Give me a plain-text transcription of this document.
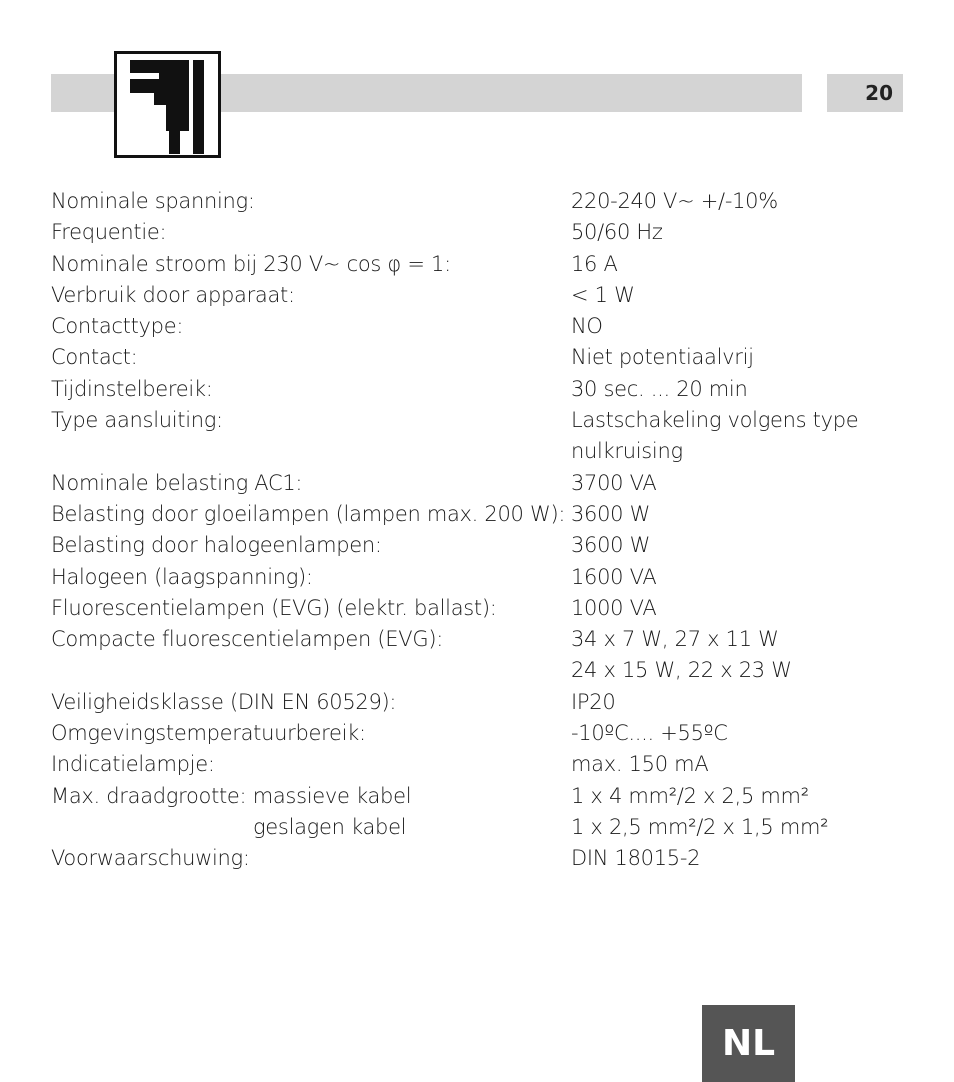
20
Nominale spanning:	220-240 V~ +/-10%
Frequentie:	50/60 Hz
Nominale stroom bij 230 V~ cos φ = 1:	16 A
Verbruik door apparaat:	< 1 W
Contacttype:	NO
Contact:	Niet potentiaalvrij
Tijdinstelbereik:	30 sec. ... 20 min
Type aansluiting:	Lastschakeling volgens type
nulkruising
Nominale belasting AC1:	3700 VA
Belasting door gloeilampen (lampen max. 200 W): 3600 W
Belasting door halogeenlampen:	3600 W
Halogeen (laagspanning):	1600 VA
Fluorescentielampen (EVG) (elektr. ballast):	1000 VA
Compacte fluorescentielampen (EVG):	34 x 7 W, 27 x 11 W
24 x 15 W, 22 x 23 W
Veiligheidsklasse (DIN EN 60529):	IP20
Omgevingstemperatuurbereik:	-10ºC.... +55ºC
Indicatielampje:	max. 150 mA
Max. draadgrootte: massieve kabel	1 x 4 mm²/2 x 2,5 mm²
geslagen kabel	1 x 2,5 mm²/2 x 1,5 mm²
Voorwaarschuwing:	DIN 18015-2
NL
